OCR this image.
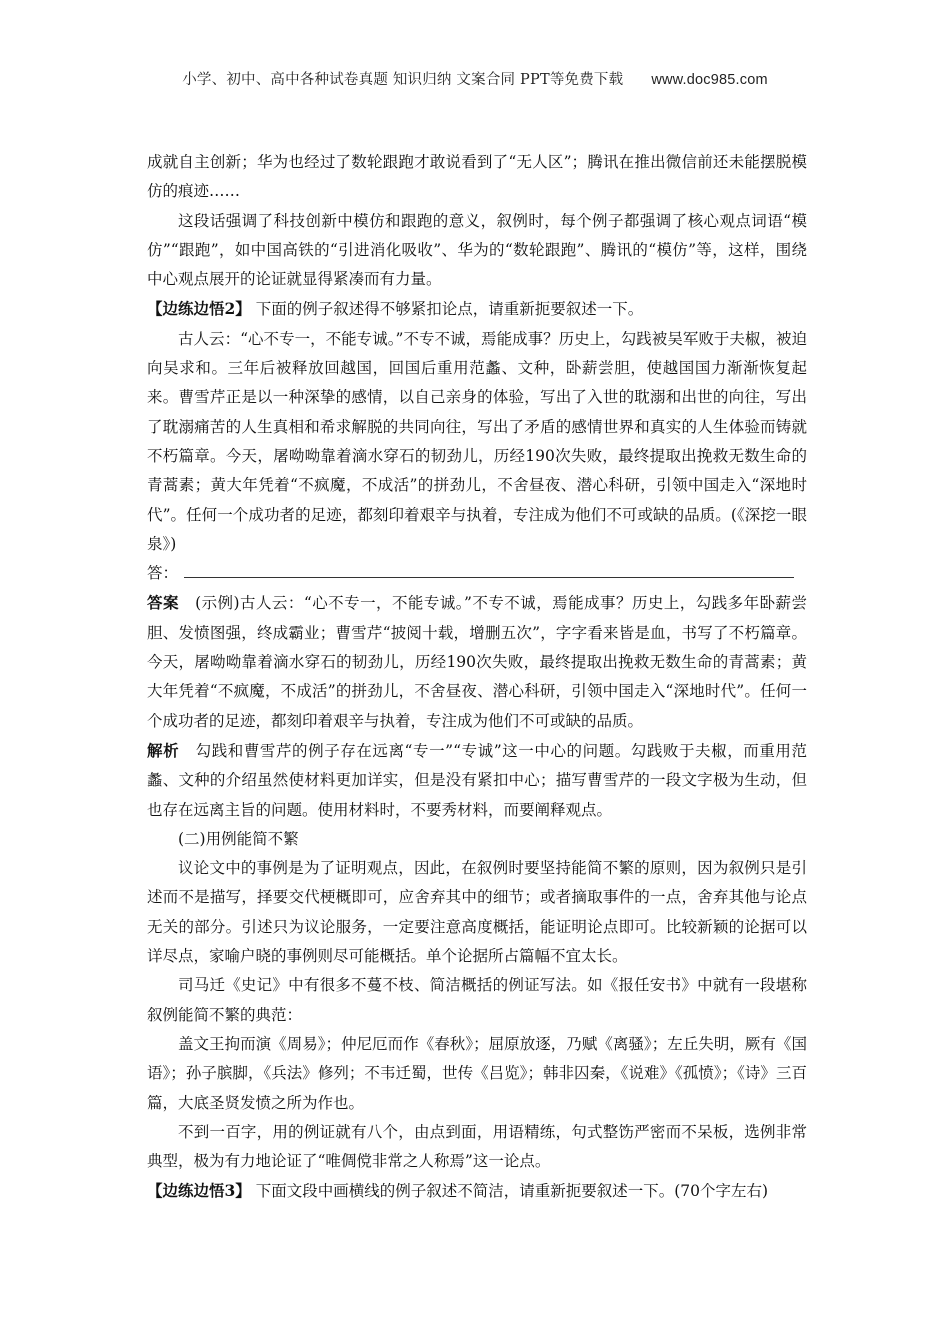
小学、初中、高中各种试卷真题 知识归纳 文案合同 PPT等免费下载 www.doc985.com

成就自主创新；华为也经过了数轮跟跑才敢说看到了“无人区”；腾讯在推出微信前还未能摆脱模仿的痕迹……

这段话强调了科技创新中模仿和跟跑的意义，叙例时，每个例子都强调了核心观点词语“模仿”“跟跑”，如中国高铁的“引进消化吸收”、华为的“数轮跟跑”、腾讯的“模仿”等，这样，围绕中心观点展开的论证就显得紧凑而有力量。

【边练边悟2】 下面的例子叙述得不够紧扣论点，请重新扼要叙述一下。

古人云：“心不专一，不能专诚。”不专不诚，焉能成事？历史上，勾践被吴军败于夫椒，被迫向吴求和。三年后被释放回越国，回国后重用范蠡、文种，卧薪尝胆，使越国国力渐渐恢复起来。曹雪芹正是以一种深挚的感情，以自己亲身的体验，写出了入世的耽溺和出世的向往，写出了耽溺痛苦的人生真相和希求解脱的共同向往，写出了矛盾的感情世界和真实的人生体验而铸就不朽篇章。今天，屠呦呦靠着滴水穿石的韧劲儿，历经190次失败，最终提取出挽救无数生命的青蒿素；黄大年凭着“不疯魔，不成活”的拼劲儿，不舍昼夜、潜心科研，引领中国走入“深地时代”。任何一个成功者的足迹，都刻印着艰辛与执着，专注成为他们不可或缺的品质。(《深挖一眼泉》)

答：

答案 (示例)古人云：“心不专一，不能专诚。”不专不诚，焉能成事？历史上，勾践多年卧薪尝胆、发愤图强，终成霸业；曹雪芹“披阅十载，增删五次”，字字看来皆是血，书写了不朽篇章。今天，屠呦呦靠着滴水穿石的韧劲儿，历经190次失败，最终提取出挽救无数生命的青蒿素；黄大年凭着“不疯魔，不成活”的拼劲儿，不舍昼夜、潜心科研，引领中国走入“深地时代”。任何一个成功者的足迹，都刻印着艰辛与执着，专注成为他们不可或缺的品质。

解析 勾践和曹雪芹的例子存在远离“专一”“专诚”这一中心的问题。勾践败于夫椒，而重用范蠡、文种的介绍虽然使材料更加详实，但是没有紧扣中心；描写曹雪芹的一段文字极为生动，但也存在远离主旨的问题。使用材料时，不要秀材料，而要阐释观点。

(二)用例能简不繁

议论文中的事例是为了证明观点，因此，在叙例时要坚持能简不繁的原则，因为叙例只是引述而不是描写，择要交代梗概即可，应舍弃其中的细节；或者摘取事件的一点，舍弃其他与论点无关的部分。引述只为议论服务，一定要注意高度概括，能证明论点即可。比较新颖的论据可以详尽点，家喻户晓的事例则尽可能概括。单个论据所占篇幅不宜太长。

司马迁《史记》中有很多不蔓不枝、简洁概括的例证写法。如《报任安书》中就有一段堪称叙例能简不繁的典范：

盖文王拘而演《周易》；仲尼厄而作《春秋》；屈原放逐，乃赋《离骚》；左丘失明，厥有《国语》；孙子膑脚，《兵法》修列；不韦迁蜀，世传《吕览》；韩非囚秦，《说难》《孤愤》；《诗》三百篇，大底圣贤发愤之所为作也。

不到一百字，用的例证就有八个，由点到面，用语精练，句式整饬严密而不呆板，选例非常典型，极为有力地论证了“唯倜傥非常之人称焉”这一论点。

【边练边悟3】 下面文段中画横线的例子叙述不简洁，请重新扼要叙述一下。(70个字左右)
